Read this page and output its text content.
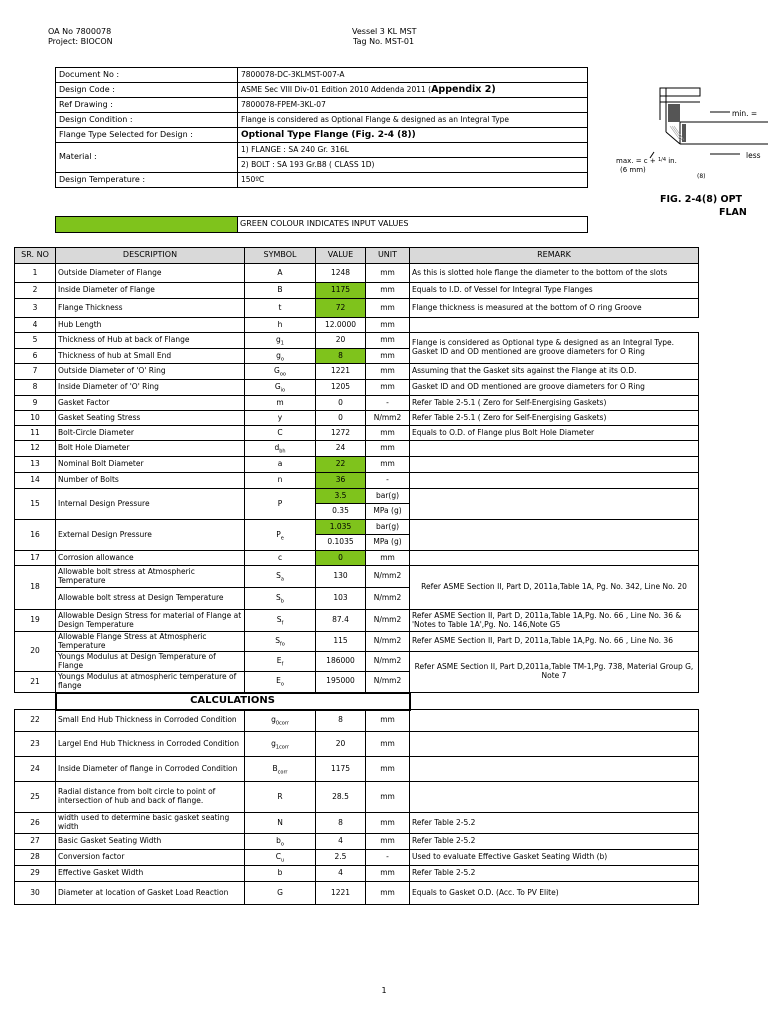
OA No 7800078
Project: BIOCON
Vessel 3 KL MST
Tag No. MST-01
Document No :	7800078-DC-3KLMST-007-A
Design Code :	ASME Sec VIII Div-01 Edition 2010 Addenda 2011 (Appendix 2)
Ref Drawing :	7800078-FPEM-3KL-07
Design Condition :	Flange is considered as Optional Flange & designed as an Integral Type
Flange Type Selected for Design :	Optional Type Flange (Fig. 2-4 (8))
Material :	1) FLANGE : SA 240 Gr. 316L
	2) BOLT : SA 193 Gr.B8 ( CLASS 1D)
Design Temperature :	150ºC
	GREEN COLOUR INDICATES INPUT VALUES
min. =
less
max. = c + $^{1/4}$ in.
(6 mm)
(8)
FIG. 2-4(8) OPT
FLAN
SR. NO	DESCRIPTION	SYMBOL	VALUE	UNIT	REMARK
1	Outside Diameter of Flange	A	1248	mm	As this is slotted hole flange the diameter to the bottom of the slots
2	Inside Diameter of Flange	B	1175	mm	Equals to I.D. of Vessel for Integral Type Flanges
3	Flange Thickness	t	72	mm	Flange thickness is measured at the bottom of O ring Groove
4	Hub Length	h	12.0000	mm	
5	Thickness of Hub at back of Flange	$g_1$	20	mm	Flange is considered as Optional type & designed as an Integral Type. Gasket ID and OD mentioned are groove diameters for O Ring
6	Thickness of hub at Small End	$g_o$	8	mm	
7	Outside Diameter of 'O' Ring	$G_{oo}$	1221	mm	Assuming that the Gasket sits against the Flange at its O.D.
8	Inside Diameter of 'O' Ring	$G_{io}$	1205	mm	Gasket ID and OD mentioned are groove diameters for O Ring
9	Gasket Factor	m	0	-	Refer Table 2-5.1 ( Zero for Self-Energising Gaskets)
10	Gasket Seating Stress	y	0	N/mm2	Refer Table 2-5.1 ( Zero for Self-Energising Gaskets)
11	Bolt-Circle Diameter	C	1272	mm	Equals to O.D. of Flange plus Bolt Hole Diameter
12	Bolt Hole Diameter	$d_{bh}$	24	mm	
13	Nominal Bolt Diameter	a	22	mm	
14	Number of Bolts	n	36	-	
15	Internal Design Pressure	P	3.5	bar(g)	
			0.35	MPa (g)	
16	External Design Pressure	$P_e$	1.035	bar(g)	
			0.1035	MPa (g)	
17	Corrosion allowance	c	0	mm	
18	Allowable bolt stress at Atmospheric Temperature	$S_a$	130	N/mm2	Refer ASME Section II, Part D, 2011a,Table 1A, Pg. No. 342, Line No. 20
	Allowable bolt stress at Design Temperature	$S_b$	103	N/mm2	
19	Allowable Design Stress for material of Flange at Design Temperature	$S_f$	87.4	N/mm2	Refer ASME Section II, Part D, 2011a,Table 1A,Pg. No. 66 , Line No. 36 & 'Notes to Table 1A',Pg. No. 146,Note G5
20	Allowable Flange Stress at Atmospheric Temperature	$S_{fo}$	115	N/mm2	Refer ASME Section II, Part D, 2011a,Table 1A,Pg. No. 66 , Line No. 36
	Youngs Modulus at Design Temperature of Flange	$E_f$	186000	N/mm2	Refer ASME Section II, Part D,2011a,Table TM-1,Pg. 738, Material Group G, Note 7
21	Youngs Modulus at atmospheric temperature of flange	$E_o$	195000	N/mm2	
	CALCULATIONS				
22	Small End Hub Thickness in Corroded Condition	$g_{0corr}$	8	mm	
23	Largel End Hub Thickness in Corroded Condition	$g_{1corr}$	20	mm	
24	Inside Diameter of flange in Corroded Condition	$B_{corr}$	1175	mm	
25	Radial distance from bolt circle to point of intersection of hub and back of flange.	R	28.5	mm	
26	width used to determine basic gasket seating width	N	8	mm	Refer Table 2-5.2
27	Basic Gasket Seating Width	$b_o$	4	mm	Refer Table 2-5.2
28	Conversion factor	$C_u$	2.5	-	Used to evaluate Effective Gasket Seating Width (b)
29	Effective Gasket Width	b	4	mm	Refer Table 2-5.2
30	Diameter at location of Gasket Load Reaction	G	1221	mm	Equals to Gasket O.D. (Acc. To PV Elite)
1
